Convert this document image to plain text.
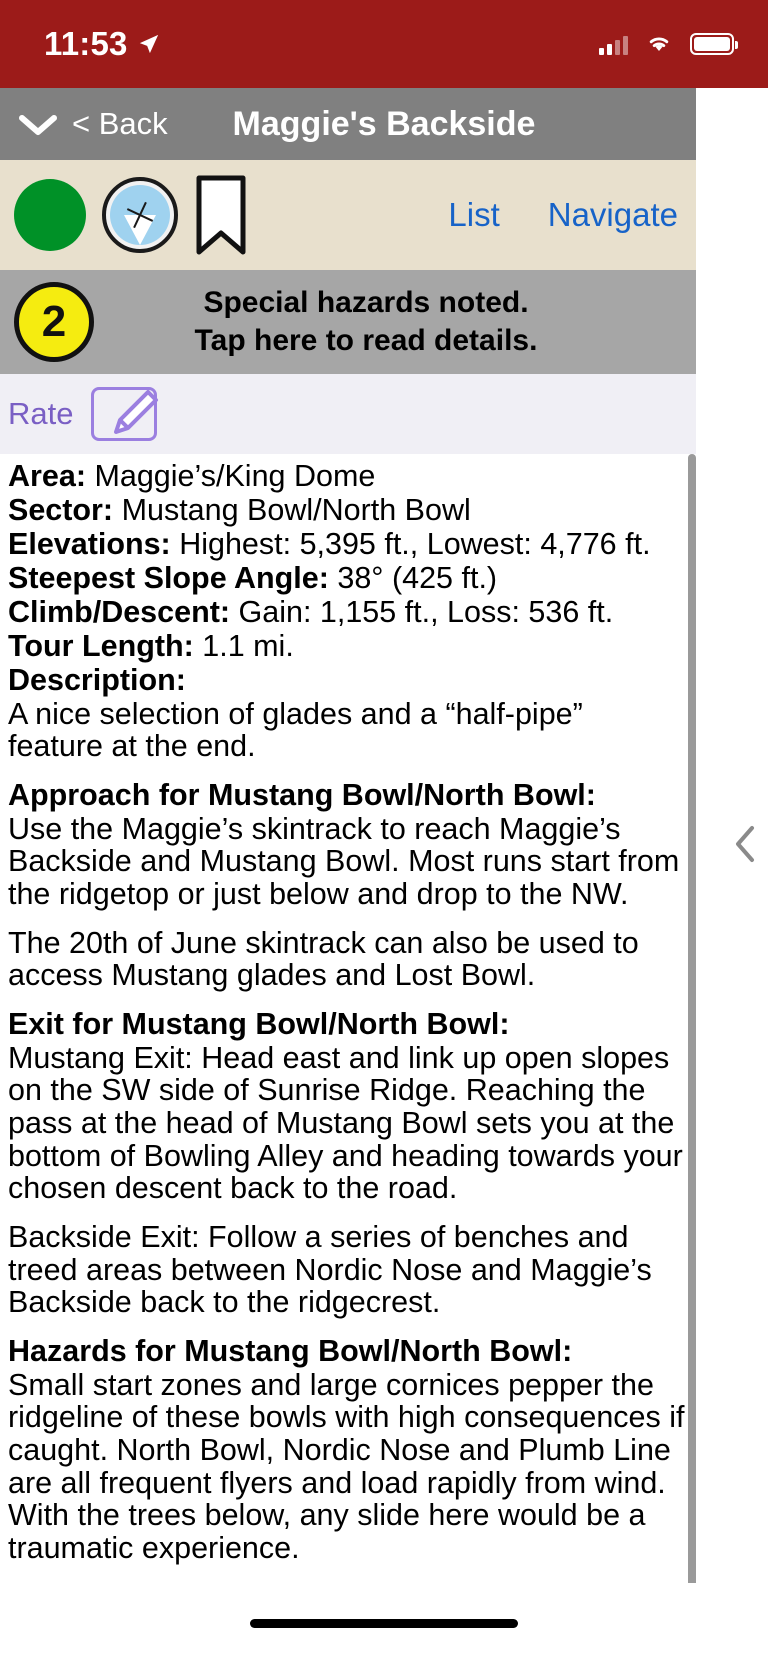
11:53
< Back	Maggie's Backside
List Navigate
2	Special hazards noted.
Tap here to read details.
Rate

Area: Maggie’s/King Dome

Sector: Mustang Bowl/North Bowl

Elevations: Highest: 5,395 ft., Lowest: 4,776 ft.

Steepest Slope Angle: 38° (425 ft.)

Climb/Descent: Gain: 1,155 ft., Loss: 536 ft.

Tour Length: 1.1 mi.

Description:

A nice selection of glades and a “half-pipe” feature at the end.

Approach for Mustang Bowl/North Bowl:

Use the Maggie’s skintrack to reach Maggie’s Backside and Mustang Bowl. Most runs start from the ridgetop or just below and drop to the NW.

The 20th of June skintrack can also be used to access Mustang glades and Lost Bowl.

Exit for Mustang Bowl/North Bowl:

Mustang Exit: Head east and link up open slopes on the SW side of Sunrise Ridge. Reaching the pass at the head of Mustang Bowl sets you at the bottom of Bowling Alley and heading towards your chosen descent back to the road.

Backside Exit: Follow a series of benches and treed areas between Nordic Nose and Maggie’s Backside back to the ridgecrest.

Hazards for Mustang Bowl/North Bowl:

Small start zones and large cornices pepper the ridgeline of these bowls with high consequences if caught. North Bowl, Nordic Nose and Plumb Line are all frequent flyers and load rapidly from wind. With the trees below, any slide here would be a traumatic experience.
